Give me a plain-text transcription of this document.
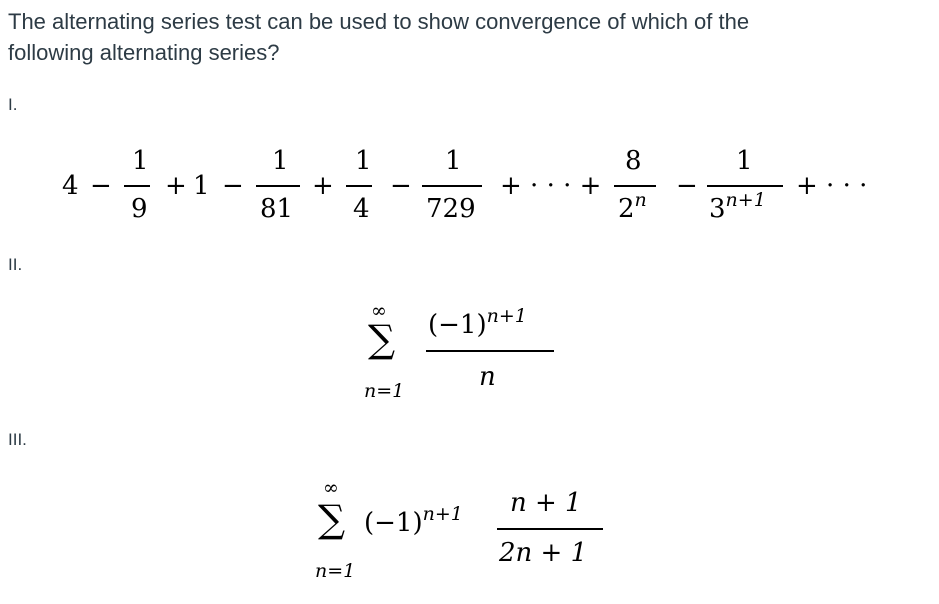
The alternating series test can be used to show convergence of which of the
following alternating series?

I.
4 −
1
9
+ 1 −
1
81
+
1
4
−
1
729
+ · · · +
8
$2^n$ −
1
$3^{n+1}$ + · · ·
II.
∞
∑
n=1
$(-1)^{n+1}$
n
III.
∞
∑
n=1
$(-1)^{n+1}$ n + 1
2n + 1
